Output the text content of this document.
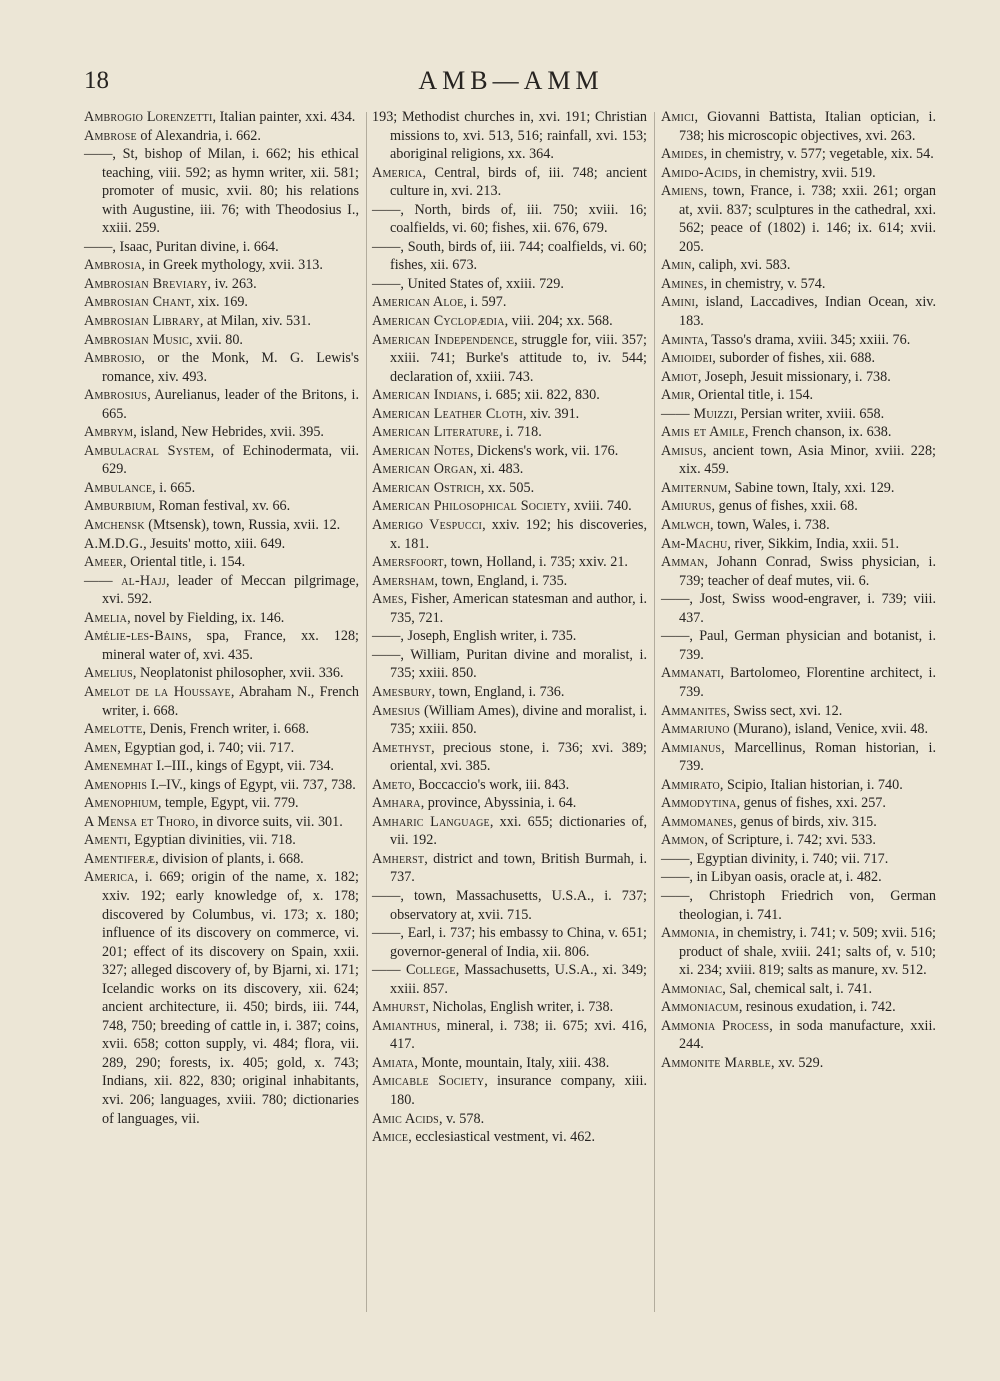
18	AMB—AMM

Ambrogio Lorenzetti, Italian painter, xxi. 434.

Ambrose of Alexandria, i. 662.

——, St, bishop of Milan, i. 662; his ethical teaching, viii. 592; as hymn writer, xii. 581; promoter of music, xvii. 80; his relations with Augustine, iii. 76; with Theodosius I., xxiii. 259.

——, Isaac, Puritan divine, i. 664.

Ambrosia, in Greek mythology, xvii. 313.

Ambrosian Breviary, iv. 263.

Ambrosian Chant, xix. 169.

Ambrosian Library, at Milan, xiv. 531.

Ambrosian Music, xvii. 80.

Ambrosio, or the Monk, M. G. Lewis's romance, xiv. 493.

Ambrosius, Aurelianus, leader of the Britons, i. 665.

Ambrym, island, New Hebrides, xvii. 395.

Ambulacral System, of Echinodermata, vii. 629.

Ambulance, i. 665.

Amburbium, Roman festival, xv. 66.

Amchensk (Mtsensk), town, Russia, xvii. 12.

A.M.D.G., Jesuits' motto, xiii. 649.

Ameer, Oriental title, i. 154.

—— al-Hajj, leader of Meccan pilgrimage, xvi. 592.

Amelia, novel by Fielding, ix. 146.

Amélie-les-Bains, spa, France, xx. 128; mineral water of, xvi. 435.

Amelius, Neoplatonist philosopher, xvii. 336.

Amelot de la Houssaye, Abraham N., French writer, i. 668.

Amelotte, Denis, French writer, i. 668.

Amen, Egyptian god, i. 740; vii. 717.

Amenemhat I.–III., kings of Egypt, vii. 734.

Amenophis I.–IV., kings of Egypt, vii. 737, 738.

Amenophium, temple, Egypt, vii. 779.

A Mensa et Thoro, in divorce suits, vii. 301.

Amenti, Egyptian divinities, vii. 718.

Amentiferæ, division of plants, i. 668.

America, i. 669; origin of the name, x. 182; xxiv. 192; early knowledge of, x. 178; discovered by Columbus, vi. 173; x. 180; influence of its discovery on commerce, vi. 201; effect of its discovery on Spain, xxii. 327; alleged discovery of, by Bjarni, xi. 171; Icelandic works on its discovery, xii. 624; ancient architecture, ii. 450; birds, iii. 744, 748, 750; breeding of cattle in, i. 387; coins, xvii. 658; cotton supply, vi. 484; flora, vii. 289, 290; forests, ix. 405; gold, x. 743; Indians, xii. 822, 830; original inhabitants, xvi. 206; languages, xviii. 780; dictionaries of languages, vii.

193; Methodist churches in, xvi. 191; Christian missions to, xvi. 513, 516; rainfall, xvi. 153; aboriginal religions, xx. 364.

America, Central, birds of, iii. 748; ancient culture in, xvi. 213.

——, North, birds of, iii. 750; xviii. 16; coalfields, vi. 60; fishes, xii. 676, 679.

——, South, birds of, iii. 744; coalfields, vi. 60; fishes, xii. 673.

——, United States of, xxiii. 729.

American Aloe, i. 597.

American Cyclopædia, viii. 204; xx. 568.

American Independence, struggle for, viii. 357; xxiii. 741; Burke's attitude to, iv. 544; declaration of, xxiii. 743.

American Indians, i. 685; xii. 822, 830.

American Leather Cloth, xiv. 391.

American Literature, i. 718.

American Notes, Dickens's work, vii. 176.

American Organ, xi. 483.

American Ostrich, xx. 505.

American Philosophical Society, xviii. 740.

Amerigo Vespucci, xxiv. 192; his discoveries, x. 181.

Amersfoort, town, Holland, i. 735; xxiv. 21.

Amersham, town, England, i. 735.

Ames, Fisher, American statesman and author, i. 735, 721.

——, Joseph, English writer, i. 735.

——, William, Puritan divine and moralist, i. 735; xxiii. 850.

Amesbury, town, England, i. 736.

Amesius (William Ames), divine and moralist, i. 735; xxiii. 850.

Amethyst, precious stone, i. 736; xvi. 389; oriental, xvi. 385.

Ameto, Boccaccio's work, iii. 843.

Amhara, province, Abyssinia, i. 64.

Amharic Language, xxi. 655; dictionaries of, vii. 192.

Amherst, district and town, British Burmah, i. 737.

——, town, Massachusetts, U.S.A., i. 737; observatory at, xvii. 715.

——, Earl, i. 737; his embassy to China, v. 651; governor-general of India, xii. 806.

—— College, Massachusetts, U.S.A., xi. 349; xxiii. 857.

Amhurst, Nicholas, English writer, i. 738.

Amianthus, mineral, i. 738; ii. 675; xvi. 416, 417.

Amiata, Monte, mountain, Italy, xiii. 438.

Amicable Society, insurance company, xiii. 180.

Amic Acids, v. 578.

Amice, ecclesiastical vestment, vi. 462.

Amici, Giovanni Battista, Italian optician, i. 738; his microscopic objectives, xvi. 263.

Amides, in chemistry, v. 577; vegetable, xix. 54.

Amido-Acids, in chemistry, xvii. 519.

Amiens, town, France, i. 738; xxii. 261; organ at, xvii. 837; sculptures in the cathedral, xxi. 562; peace of (1802) i. 146; ix. 614; xvii. 205.

Amin, caliph, xvi. 583.

Amines, in chemistry, v. 574.

Amini, island, Laccadives, Indian Ocean, xiv. 183.

Aminta, Tasso's drama, xviii. 345; xxiii. 76.

Amioidei, suborder of fishes, xii. 688.

Amiot, Joseph, Jesuit missionary, i. 738.

Amir, Oriental title, i. 154.

—— Muizzi, Persian writer, xviii. 658.

Amis et Amile, French chanson, ix. 638.

Amisus, ancient town, Asia Minor, xviii. 228; xix. 459.

Amiternum, Sabine town, Italy, xxi. 129.

Amiurus, genus of fishes, xxii. 68.

Amlwch, town, Wales, i. 738.

Am-Machu, river, Sikkim, India, xxii. 51.

Amman, Johann Conrad, Swiss physician, i. 739; teacher of deaf mutes, vii. 6.

——, Jost, Swiss wood-engraver, i. 739; viii. 437.

——, Paul, German physician and botanist, i. 739.

Ammanati, Bartolomeo, Florentine architect, i. 739.

Ammanites, Swiss sect, xvi. 12.

Ammariuno (Murano), island, Venice, xvii. 48.

Ammianus, Marcellinus, Roman historian, i. 739.

Ammirato, Scipio, Italian historian, i. 740.

Ammodytina, genus of fishes, xxi. 257.

Ammomanes, genus of birds, xiv. 315.

Ammon, of Scripture, i. 742; xvi. 533.

——, Egyptian divinity, i. 740; vii. 717.

——, in Libyan oasis, oracle at, i. 482.

——, Christoph Friedrich von, German theologian, i. 741.

Ammonia, in chemistry, i. 741; v. 509; xvii. 516; product of shale, xviii. 241; salts of, v. 510; xi. 234; xviii. 819; salts as manure, xv. 512.

Ammoniac, Sal, chemical salt, i. 741.

Ammoniacum, resinous exudation, i. 742.

Ammonia Process, in soda manufacture, xxii. 244.

Ammonite Marble, xv. 529.
